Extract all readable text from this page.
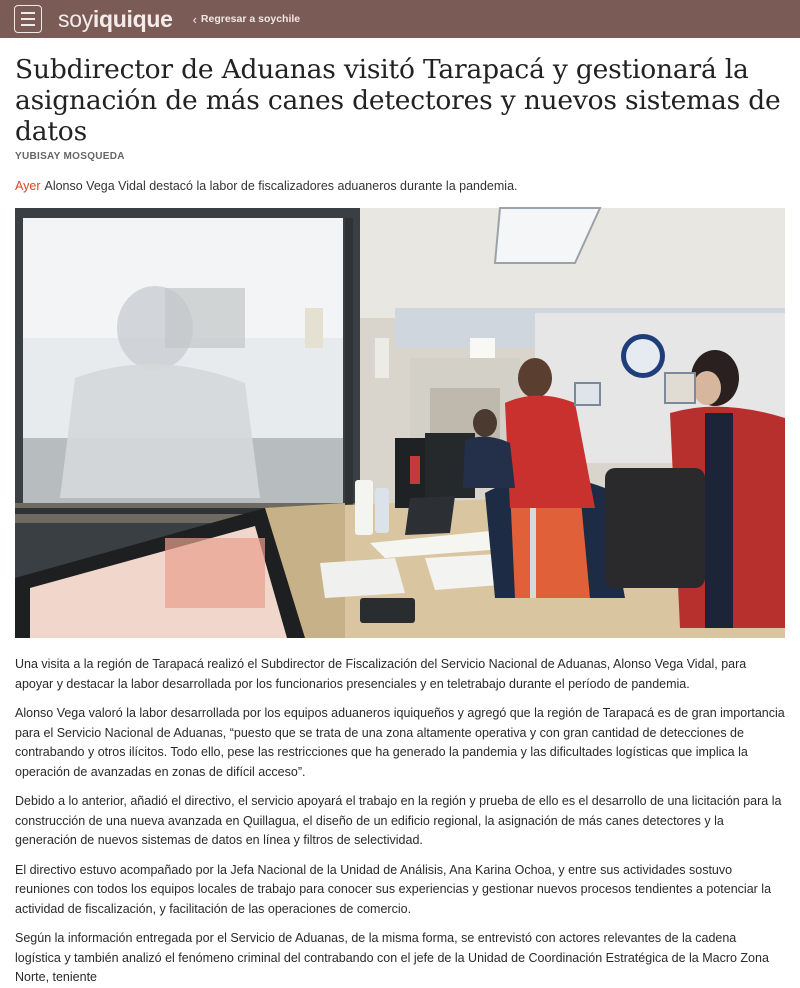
soyiquique ‹ Regresar a soychile
Subdirector de Aduanas visitó Tarapacá y gestionará la asignación de más canes detectores y nuevos sistemas de datos
YUBISAY MOSQUEDA
Ayer Alonso Vega Vidal destacó la labor de fiscalizadores aduaneros durante la pandemia.

Una visita a la región de Tarapacá realizó el Subdirector de Fiscalización del Servicio Nacional de Aduanas, Alonso Vega Vidal, para apoyar y destacar la labor desarrollada por los funcionarios presenciales y en teletrabajo durante el período de pandemia.

Alonso Vega valoró la labor desarrollada por los equipos aduaneros iquiqueños y agregó que la región de Tarapacá es de gran importancia para el Servicio Nacional de Aduanas, “puesto que se trata de una zona altamente operativa y con gran cantidad de detecciones de contrabando y otros ilícitos. Todo ello, pese las restricciones que ha generado la pandemia y las dificultades logísticas que implica la operación de avanzadas en zonas de difícil acceso”.

Debido a lo anterior, añadió el directivo, el servicio apoyará el trabajo en la región y prueba de ello es el desarrollo de una licitación para la construcción de una nueva avanzada en Quillagua, el diseño de un edificio regional, la asignación de más canes detectores y la generación de nuevos sistemas de datos en línea y filtros de selectividad.

El directivo estuvo acompañado por la Jefa Nacional de la Unidad de Análisis, Ana Karina Ochoa, y entre sus actividades sostuvo reuniones con todos los equipos locales de trabajo para conocer sus experiencias y gestionar nuevos procesos tendientes a potenciar la actividad de fiscalización, y facilitación de las operaciones de comercio.

Según la información entregada por el Servicio de Aduanas, de la misma forma, se entrevistó con actores relevantes de la cadena logística y también analizó el fenómeno criminal del contrabando con el jefe de la Unidad de Coordinación Estratégica de la Macro Zona Norte, teniente
